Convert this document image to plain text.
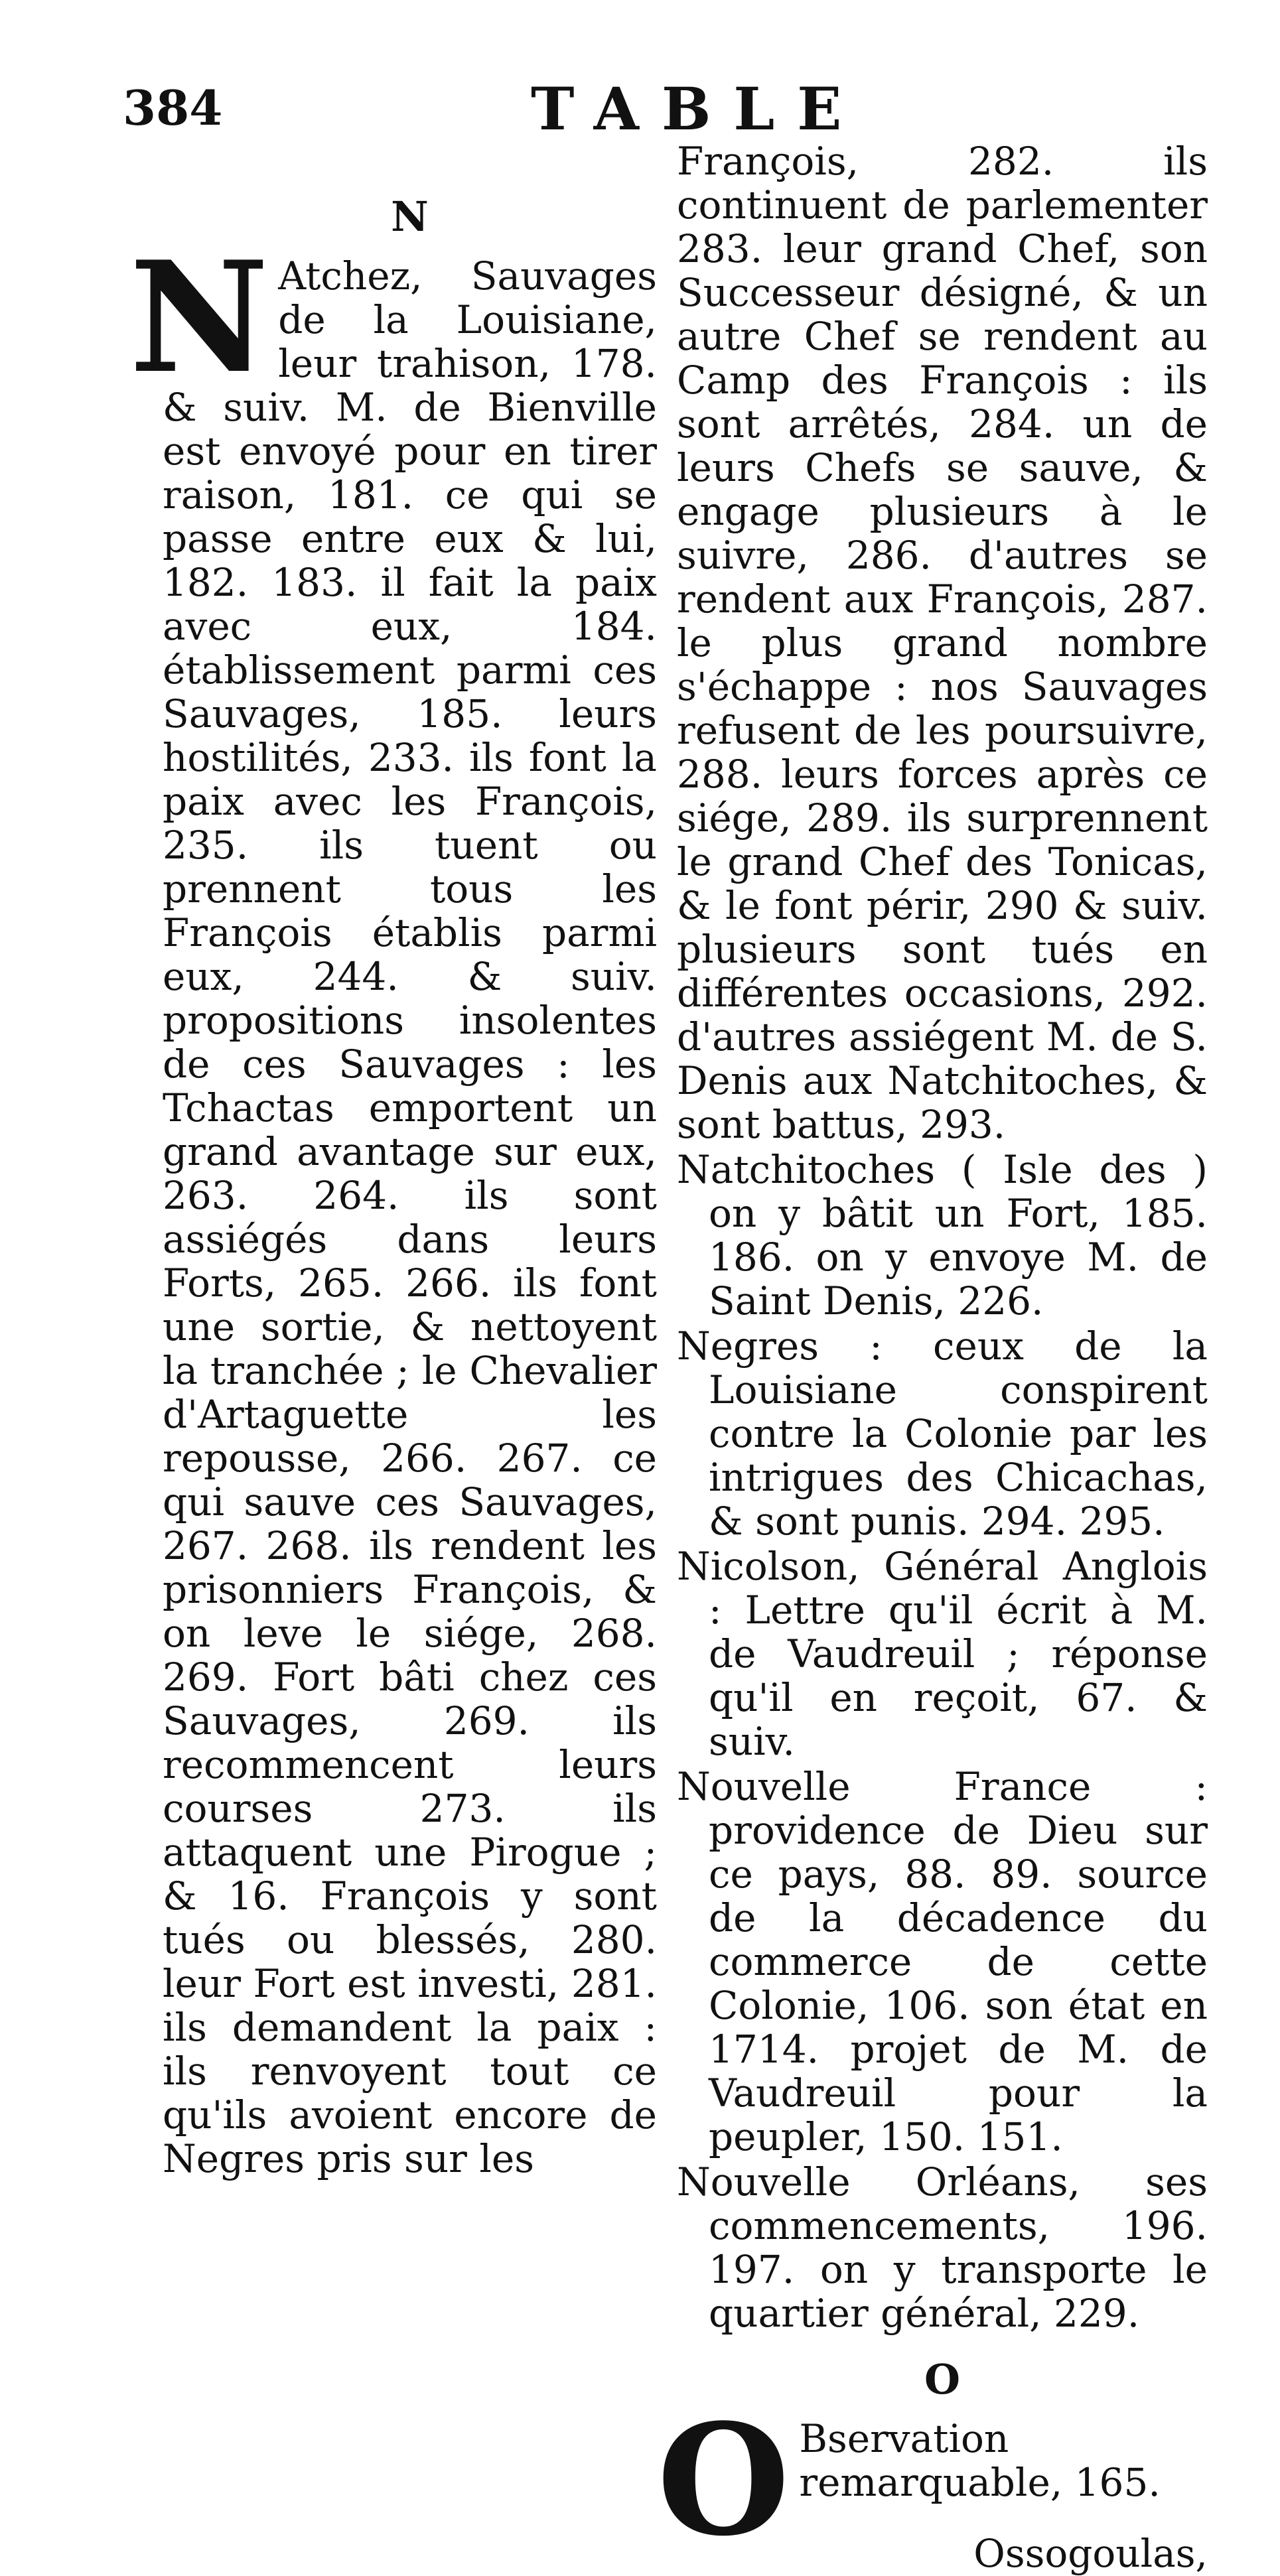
384	TABLE
N

N Atchez, Sauvages de la Louisiane, leur trahison, 178. & suiv. M. de Bienville est envoyé pour en tirer raison, 181. ce qui se passe entre eux & lui, 182. 183. il fait la paix avec eux, 184. établissement parmi ces Sauvages, 185. leurs hostilités, 233. ils font la paix avec les François, 235. ils tuent ou prennent tous les François établis parmi eux, 244. & suiv. propositions insolentes de ces Sauvages : les Tchactas emportent un grand avantage sur eux, 263. 264. ils sont assiégés dans leurs Forts, 265. 266. ils font une sortie, & nettoyent la tranchée ; le Chevalier d'Artaguette les repousse, 266. 267. ce qui sauve ces Sauvages, 267. 268. ils rendent les prisonniers François, & on leve le siége, 268. 269. Fort bâti chez ces Sauvages, 269. ils recommencent leurs courses 273. ils attaquent une Pirogue ; & 16. François y sont tués ou blessés, 280. leur Fort est investi, 281. ils demandent la paix : ils renvoyent tout ce qu'ils avoient encore de Negres pris sur les

François, 282. ils continuent de parlementer 283. leur grand Chef, son Successeur désigné, & un autre Chef se rendent au Camp des François : ils sont arrêtés, 284. un de leurs Chefs se sauve, & engage plusieurs à le suivre, 286. d'autres se rendent aux François, 287. le plus grand nombre s'échappe : nos Sauvages refusent de les poursuivre, 288. leurs forces après ce siége, 289. ils surprennent le grand Chef des Tonicas, & le font périr, 290 & suiv. plusieurs sont tués en différentes occasions, 292. d'autres assiégent M. de S. Denis aux Natchitoches, & sont battus, 293.

Natchitoches ( Isle des ) on y bâtit un Fort, 185. 186. on y envoye M. de Saint Denis, 226.

Negres : ceux de la Louisiane conspirent contre la Colonie par les intrigues des Chicachas, & sont punis. 294. 295.

Nicolson, Général Anglois : Lettre qu'il écrit à M. de Vaudreuil ; réponse qu'il en reçoit, 67. & suiv.

Nouvelle France : providence de Dieu sur ce pays, 88. 89. source de la décadence du commerce de cette Colonie, 106. son état en 1714. projet de M. de Vaudreuil pour la peupler, 150. 151.

Nouvelle Orléans, ses commencements, 196. 197. on y transporte le quartier général, 229.

O

O Bservation remarquable, 165.

Ossogoulas,
